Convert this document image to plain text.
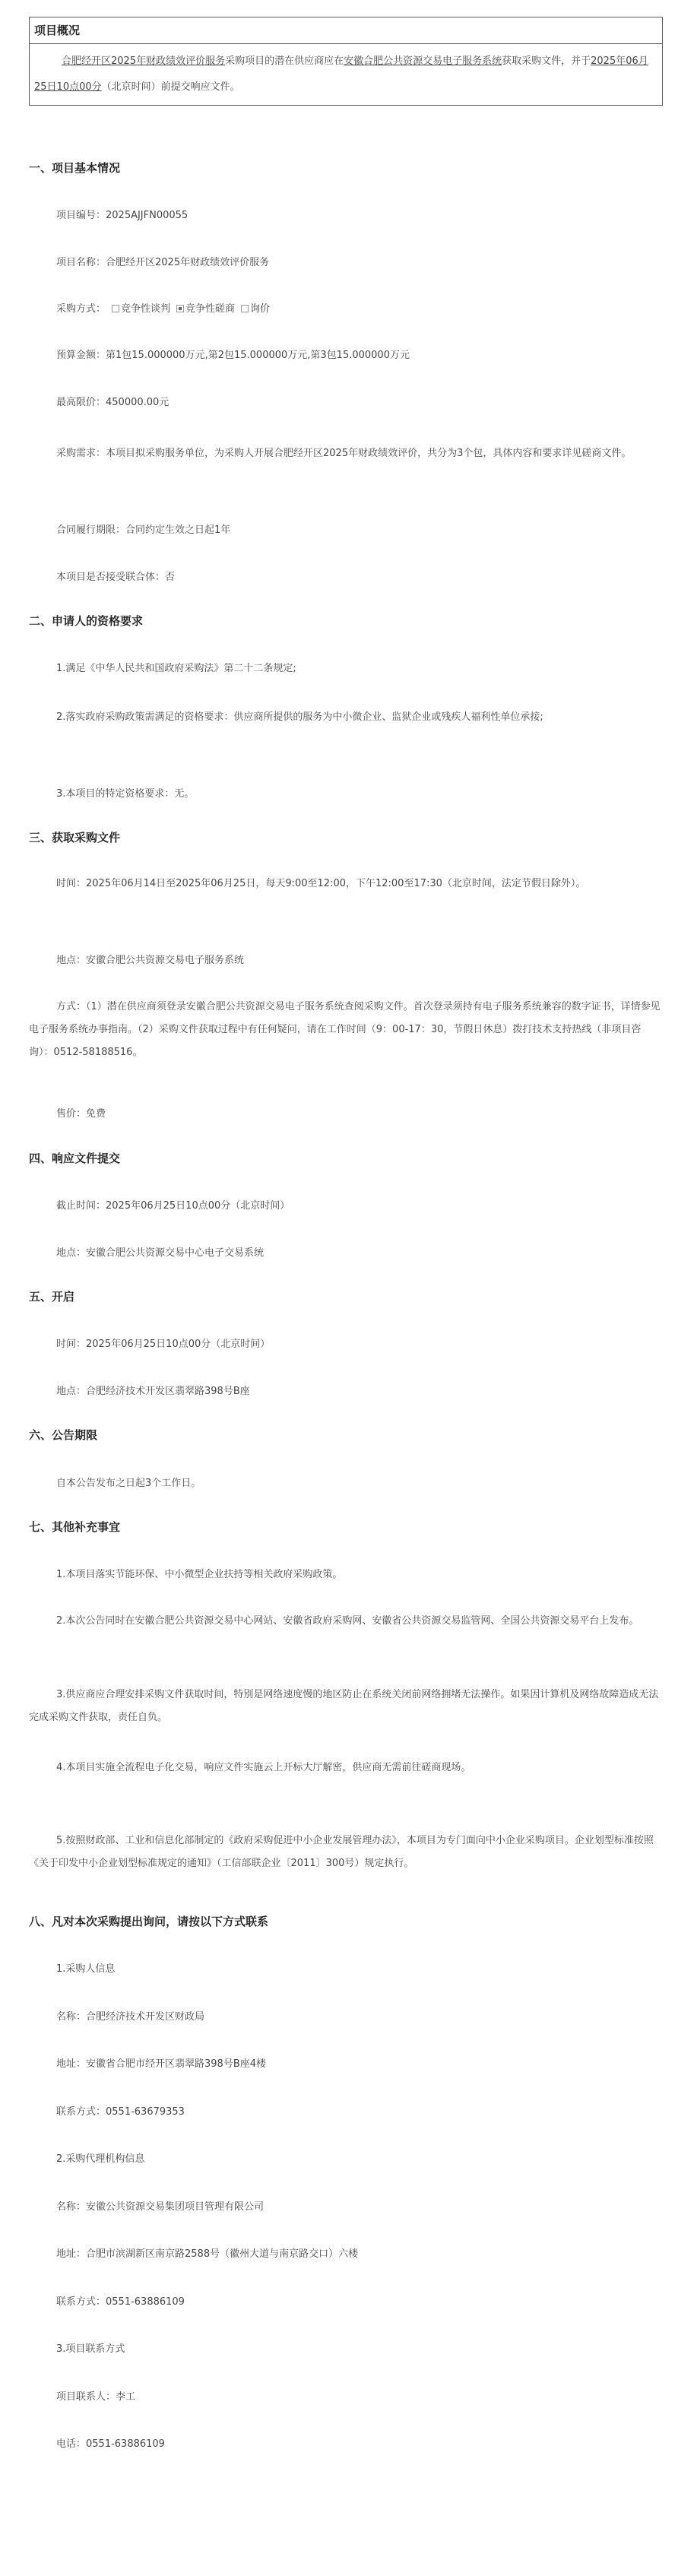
项目概况
合肥经开区2025年财政绩效评价服务采购项目的潜在供应商应在安徽合肥公共资源交易电子服务系统获取采购文件，并于2025年06月25日10点00分（北京时间）前提交响应文件。
一、项目基本情况
项目编号：2025AJJFN00055
项目名称：合肥经开区2025年财政绩效评价服务
采购方式： 竞争性谈判 竞争性磋商 询价
预算金额：第1包15.000000万元,第2包15.000000万元,第3包15.000000万元
最高限价：450000.00元
采购需求：本项目拟采购服务单位，为采购人开展合肥经开区2025年财政绩效评价，共分为3个包，具体内容和要求详见磋商文件。
合同履行期限：合同约定生效之日起1年
本项目是否接受联合体：否
二、申请人的资格要求
1.满足《中华人民共和国政府采购法》第二十二条规定;
2.落实政府采购政策需满足的资格要求：供应商所提供的服务为中小微企业、监狱企业或残疾人福利性单位承接;
3.本项目的特定资格要求：无。
三、获取采购文件
时间：2025年06月14日至2025年06月25日，每天9:00至12:00，下午12:00至17:30（北京时间，法定节假日除外）。
地点：安徽合肥公共资源交易电子服务系统
方式：（1）潜在供应商须登录安徽合肥公共资源交易电子服务系统查阅采购文件。首次登录须持有电子服务系统兼容的数字证书，详情参见电子服务系统办事指南。（2）采购文件获取过程中有任何疑问，请在工作时间（9：00-17：30，节假日休息）拨打技术支持热线（非项目咨询）：0512-58188516。
售价：免费
四、响应文件提交
截止时间：2025年06月25日10点00分（北京时间）
地点：安徽合肥公共资源交易中心电子交易系统
五、开启
时间：2025年06月25日10点00分（北京时间）
地点：合肥经济技术开发区翡翠路398号B座
六、公告期限
自本公告发布之日起3个工作日。
七、其他补充事宜
1.本项目落实节能环保、中小微型企业扶持等相关政府采购政策。
2.本次公告同时在安徽合肥公共资源交易中心网站、安徽省政府采购网、安徽省公共资源交易监管网、全国公共资源交易平台上发布。
3.供应商应合理安排采购文件获取时间，特别是网络速度慢的地区防止在系统关闭前网络拥堵无法操作。如果因计算机及网络故障造成无法完成采购文件获取，责任自负。
4.本项目实施全流程电子化交易，响应文件实施云上开标大厅解密，供应商无需前往磋商现场。
5.按照财政部、工业和信息化部制定的《政府采购促进中小企业发展管理办法》，本项目为专门面向中小企业采购项目。企业划型标准按照《关于印发中小企业划型标准规定的通知》（工信部联企业〔2011〕300号）规定执行。
八、凡对本次采购提出询问，请按以下方式联系
1.采购人信息
名称：合肥经济技术开发区财政局
地址：安徽省合肥市经开区翡翠路398号B座4楼
联系方式：0551-63679353
2.采购代理机构信息
名称：安徽公共资源交易集团项目管理有限公司
地址：合肥市滨湖新区南京路2588号（徽州大道与南京路交口）六楼
联系方式：0551-63886109
3.项目联系方式
项目联系人：李工
电话：0551-63886109
